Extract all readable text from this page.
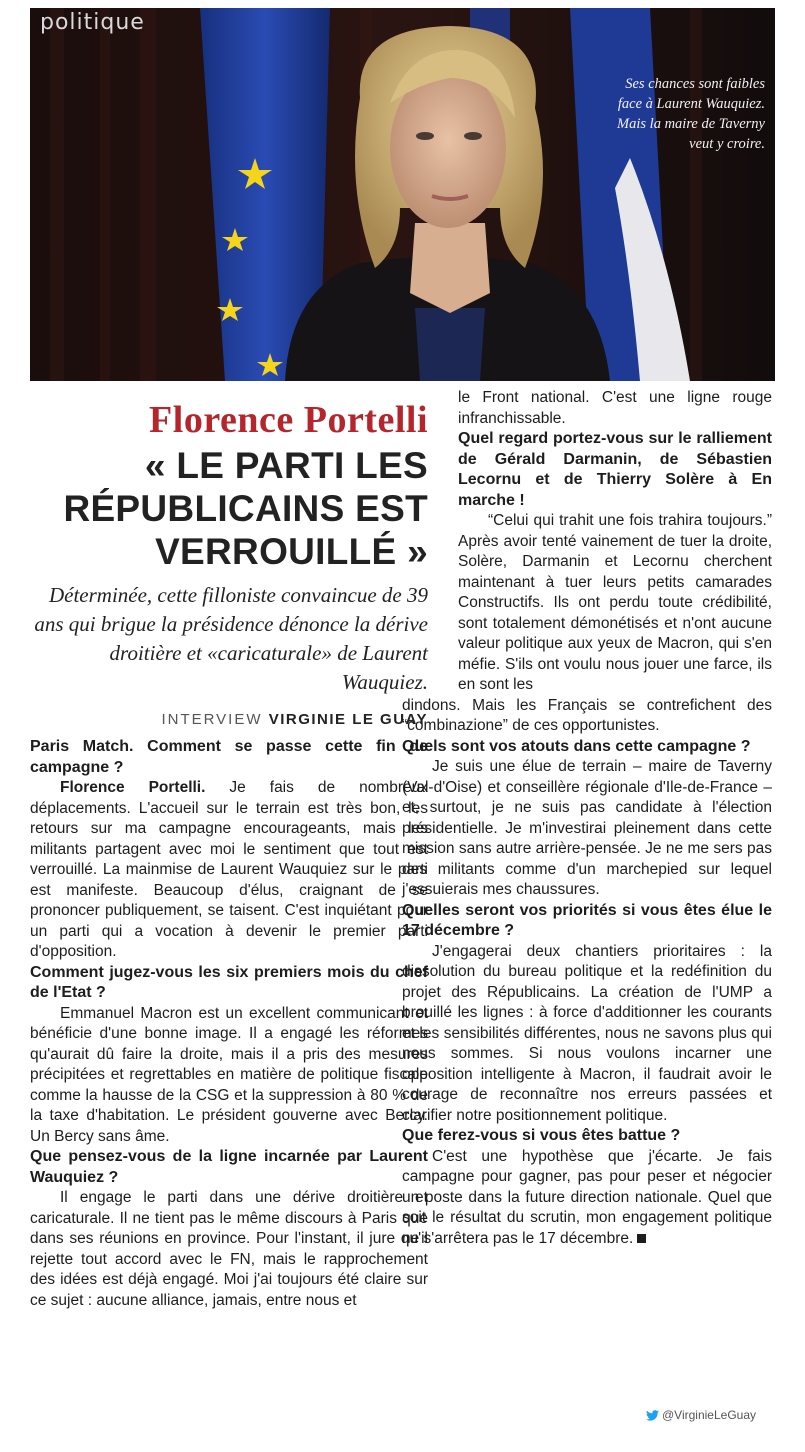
politique
Ses chances sont faibles face à Laurent Wauquiez. Mais la maire de Taverny veut y croire.
Florence Portelli
« LE PARTI LES RÉPUBLICAINS EST VERROUILLÉ »

Déterminée, cette filloniste convaincue de 39 ans qui brigue la présidence dénonce la dérive droitière et «caricaturale» de Laurent Wauquiez.

INTERVIEW VIRGINIE LE GUAY

Paris Match. Comment se passe cette fin de campagne ?

Florence Portelli. Je fais de nombreux déplacements. L'accueil sur le terrain est très bon, les retours sur ma campagne encourageants, mais les militants partagent avec moi le sentiment que tout est verrouillé. La mainmise de Laurent Wauquiez sur le parti est manifeste. Beaucoup d'élus, craignant de se prononcer publiquement, se taisent. C'est inquiétant pour un parti qui a vocation à devenir le premier parti d'opposition.

Comment jugez-vous les six premiers mois du chef de l'Etat ?

Emmanuel Macron est un excellent communicant et bénéficie d'une bonne image. Il a engagé les réformes qu'aurait dû faire la droite, mais il a pris des mesures précipitées et regrettables en matière de politique fiscale comme la hausse de la CSG et la suppression à 80 % de la taxe d'habitation. Le président gouverne avec Bercy. Un Bercy sans âme.

Que pensez-vous de la ligne incarnée par Laurent Wauquiez ?

Il engage le parti dans une dérive droitière et caricaturale. Il ne tient pas le même discours à Paris que dans ses réunions en province. Pour l'instant, il jure qu'il rejette tout accord avec le FN, mais le rapprochement des idées est déjà engagé. Moi j'ai toujours été claire sur ce sujet : aucune alliance, jamais, entre nous et

le Front national. C'est une ligne rouge infranchissable.

Quel regard portez-vous sur le ralliement de Gérald Darmanin, de Sébastien Lecornu et de Thierry Solère à En marche !

“Celui qui trahit une fois trahira toujours.” Après avoir tenté vainement de tuer la droite, Solère, Darmanin et Lecornu cherchent maintenant à tuer leurs petits camarades Constructifs. Ils ont perdu toute crédibilité, sont totalement démonétisés et n'ont aucune valeur politique aux yeux de Macron, qui s'en méfie. S'ils ont voulu nous jouer une farce, ils en sont les

dindons. Mais les Français se contrefichent des “combinazione” de ces opportunistes.

Quels sont vos atouts dans cette campagne ?

Je suis une élue de terrain – maire de Taverny (Val-d'Oise) et conseillère régionale d'Ile-de-France – et, surtout, je ne suis pas candidate à l'élection présidentielle. Je m'investirai pleinement dans cette mission sans autre arrière-pensée. Je ne me sers pas des militants comme d'un marchepied sur lequel j'essuierais mes chaussures.

Quelles seront vos priorités si vous êtes élue le 17 décembre ?

J'engagerai deux chantiers prioritaires : la dissolution du bureau politique et la redéfinition du projet des Républicains. La création de l'UMP a brouillé les lignes : à force d'additionner les courants et les sensibilités différentes, nous ne savons plus qui nous sommes. Si nous voulons incarner une opposition intelligente à Macron, il faudrait avoir le courage de reconnaître nos erreurs passées et clarifier notre positionnement politique.

Que ferez-vous si vous êtes battue ?

C'est une hypothèse que j'écarte. Je fais campagne pour gagner, pas pour peser et négocier un poste dans la future direction nationale. Quel que soit le résultat du scrutin, mon engagement politique ne s'arrêtera pas le 17 décembre.

@VirginieLeGuay
